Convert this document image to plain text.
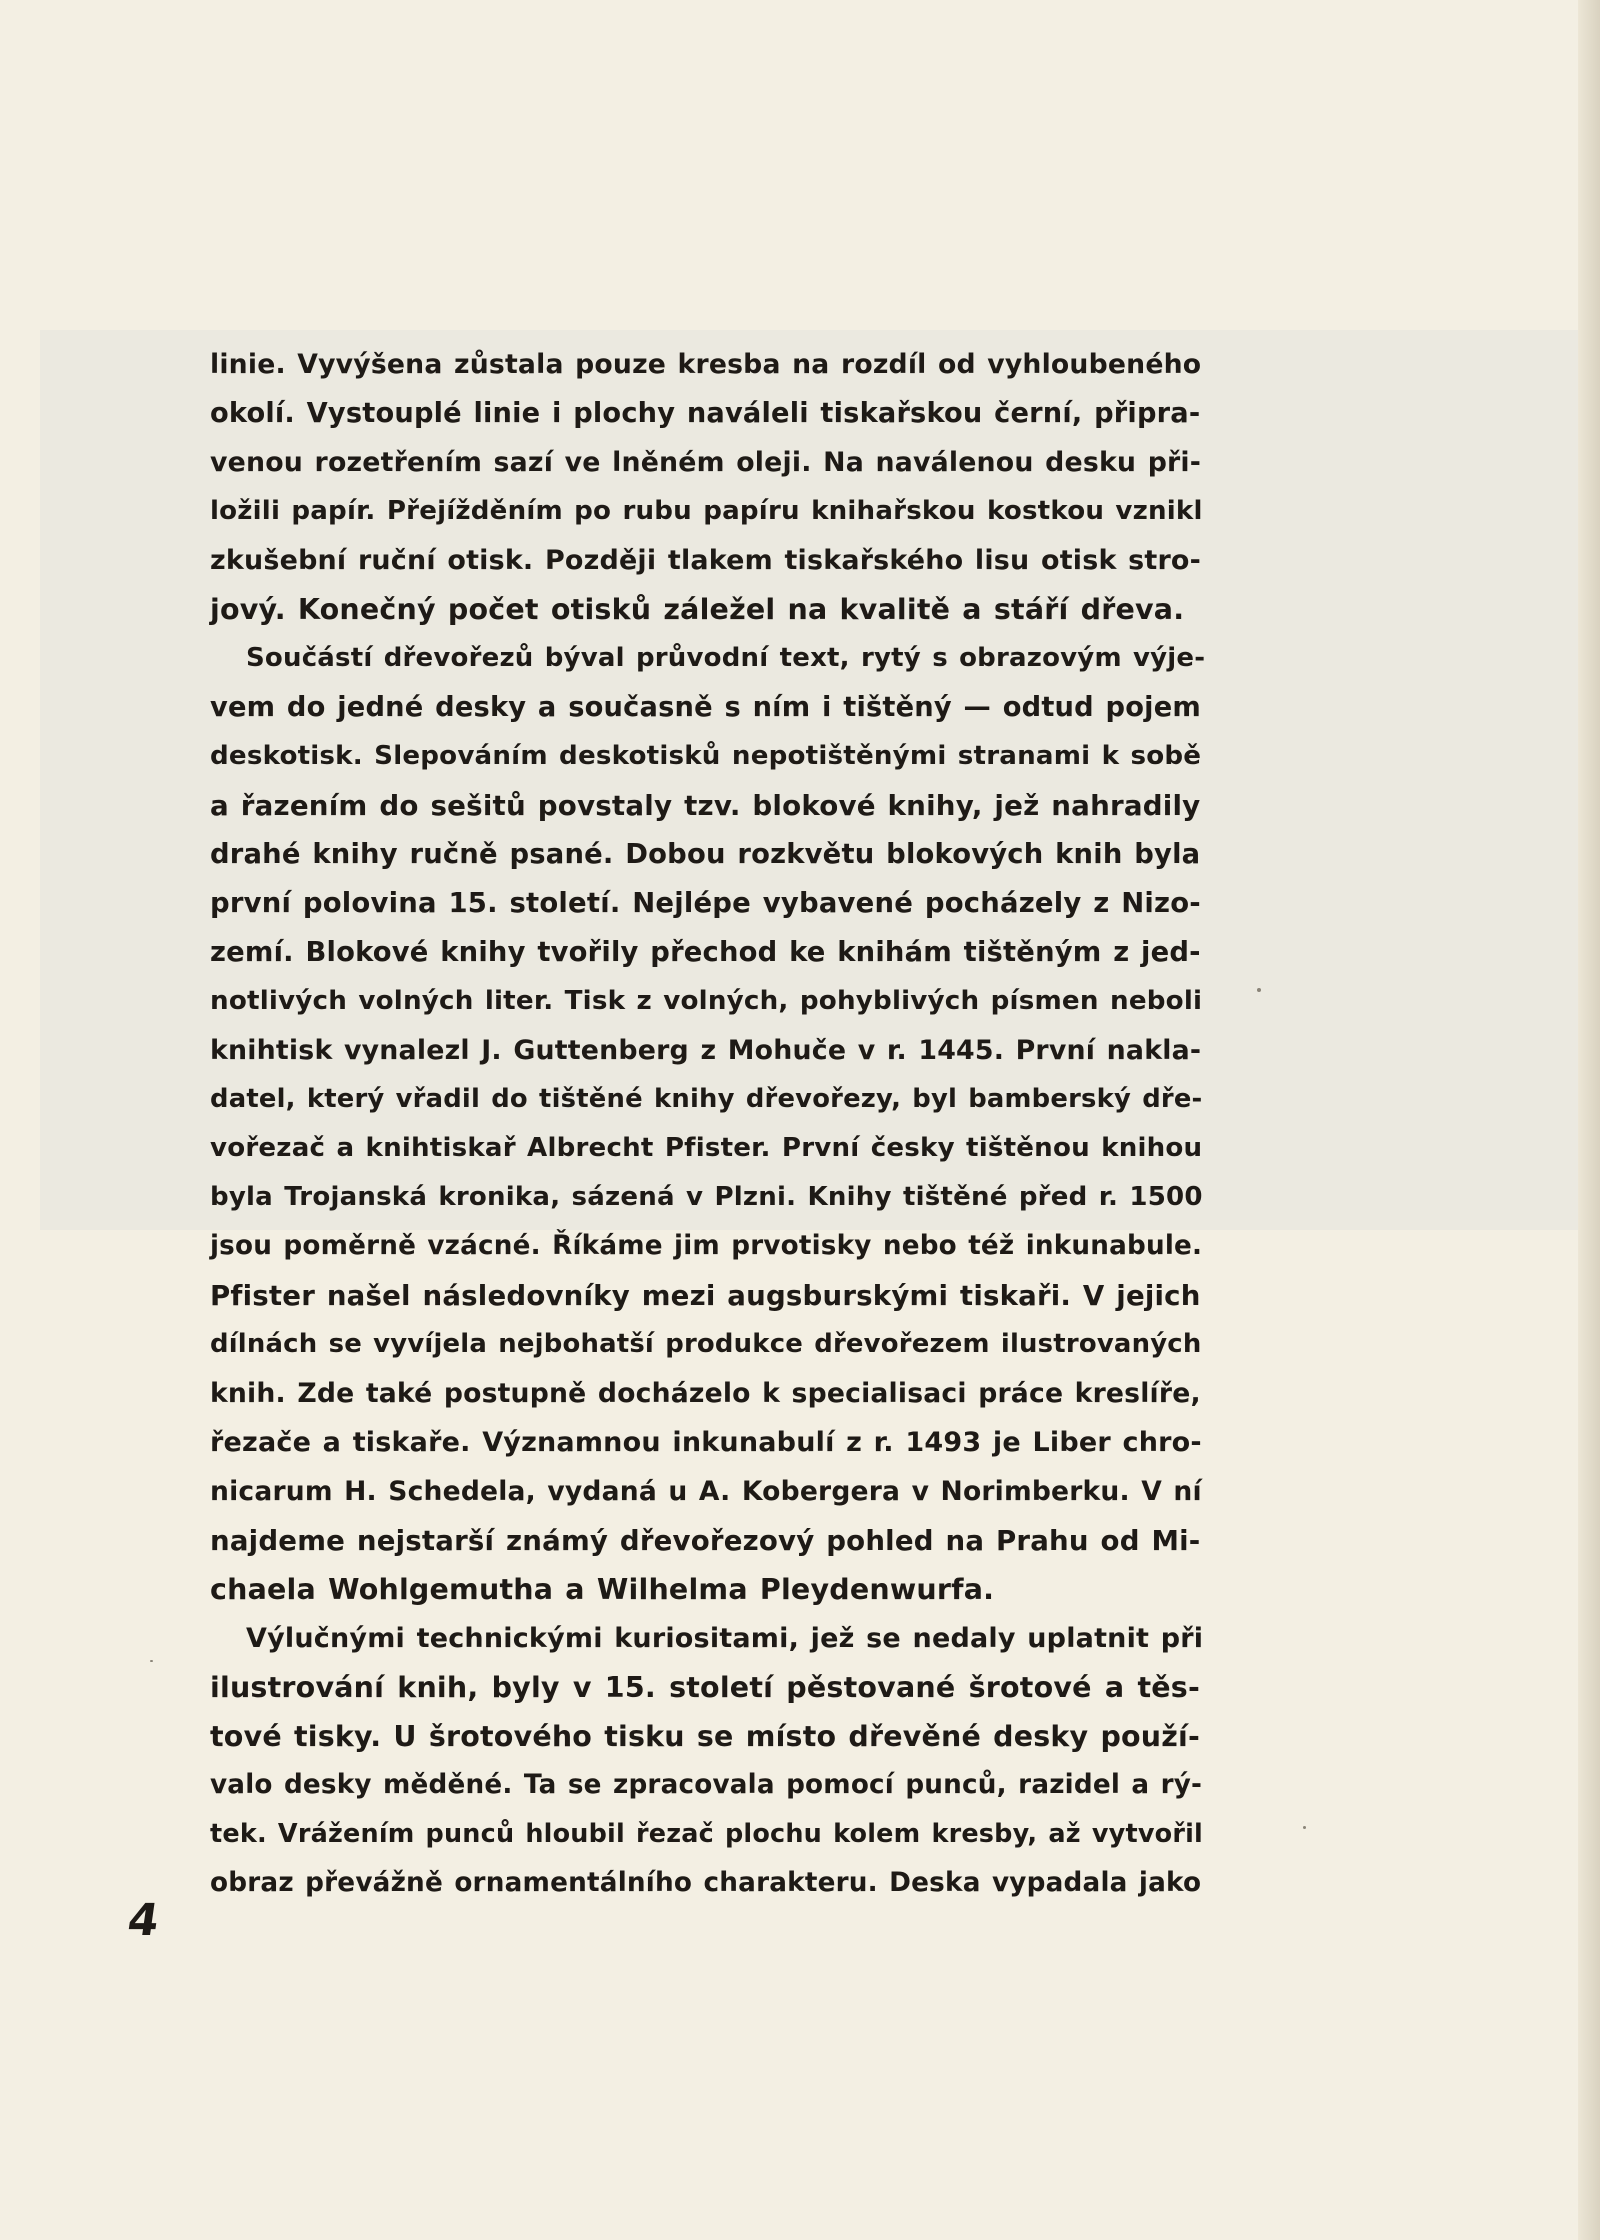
linie. Vyvýšena zůstala pouze kresba na rozdíl od vyhloubeného
okolí. Vystouplé linie i plochy naváleli tiskařskou černí, připra-
venou rozetřením sazí ve lněném oleji. Na naválenou desku při-
ložili papír. Přejížděním po rubu papíru knihařskou kostkou vznikl
zkušební ruční otisk. Později tlakem tiskařského lisu otisk stro-
jový. Konečný počet otisků záležel na kvalitě a stáří dřeva.

Součástí dřevořezů býval průvodní text, rytý s obrazovým výje-
vem do jedné desky a současně s ním i tištěný — odtud pojem
deskotisk. Slepováním deskotisků nepotištěnými stranami k sobě
a řazením do sešitů povstaly tzv. blokové knihy, jež nahradily
drahé knihy ručně psané. Dobou rozkvětu blokových knih byla
první polovina 15. století. Nejlépe vybavené pocházely z Nizo-
zemí. Blokové knihy tvořily přechod ke knihám tištěným z jed-
notlivých volných liter. Tisk z volných, pohyblivých písmen neboli
knihtisk vynalezl J. Guttenberg z Mohuče v r. 1445. První nakla-
datel, který vřadil do tištěné knihy dřevořezy, byl bamberský dře-
vořezač a knihtiskař Albrecht Pfister. První česky tištěnou knihou
byla Trojanská kronika, sázená v Plzni. Knihy tištěné před r. 1500
jsou poměrně vzácné. Říkáme jim prvotisky nebo též inkunabule.
Pfister našel následovníky mezi augsburskými tiskaři. V jejich
dílnách se vyvíjela nejbohatší produkce dřevořezem ilustrovaných
knih. Zde také postupně docházelo k specialisaci práce kreslíře,
řezače a tiskaře. Významnou inkunabulí z r. 1493 je Liber chro-
nicarum H. Schedela, vydaná u A. Kobergera v Norimberku. V ní
najdeme nejstarší známý dřevořezový pohled na Prahu od Mi-
chaela Wohlgemutha a Wilhelma Pleydenwurfa.

Výlučnými technickými kuriositami, jež se nedaly uplatnit při
ilustrování knih, byly v 15. století pěstované šrotové a těs-
tové tisky. U šrotového tisku se místo dřevěné desky použí-
valo desky měděné. Ta se zpracovala pomocí punců, razidel a rý-
tek. Vrážením punců hloubil řezač plochu kolem kresby, až vytvořil
obraz převážně ornamentálního charakteru. Deska vypadala jako

4
